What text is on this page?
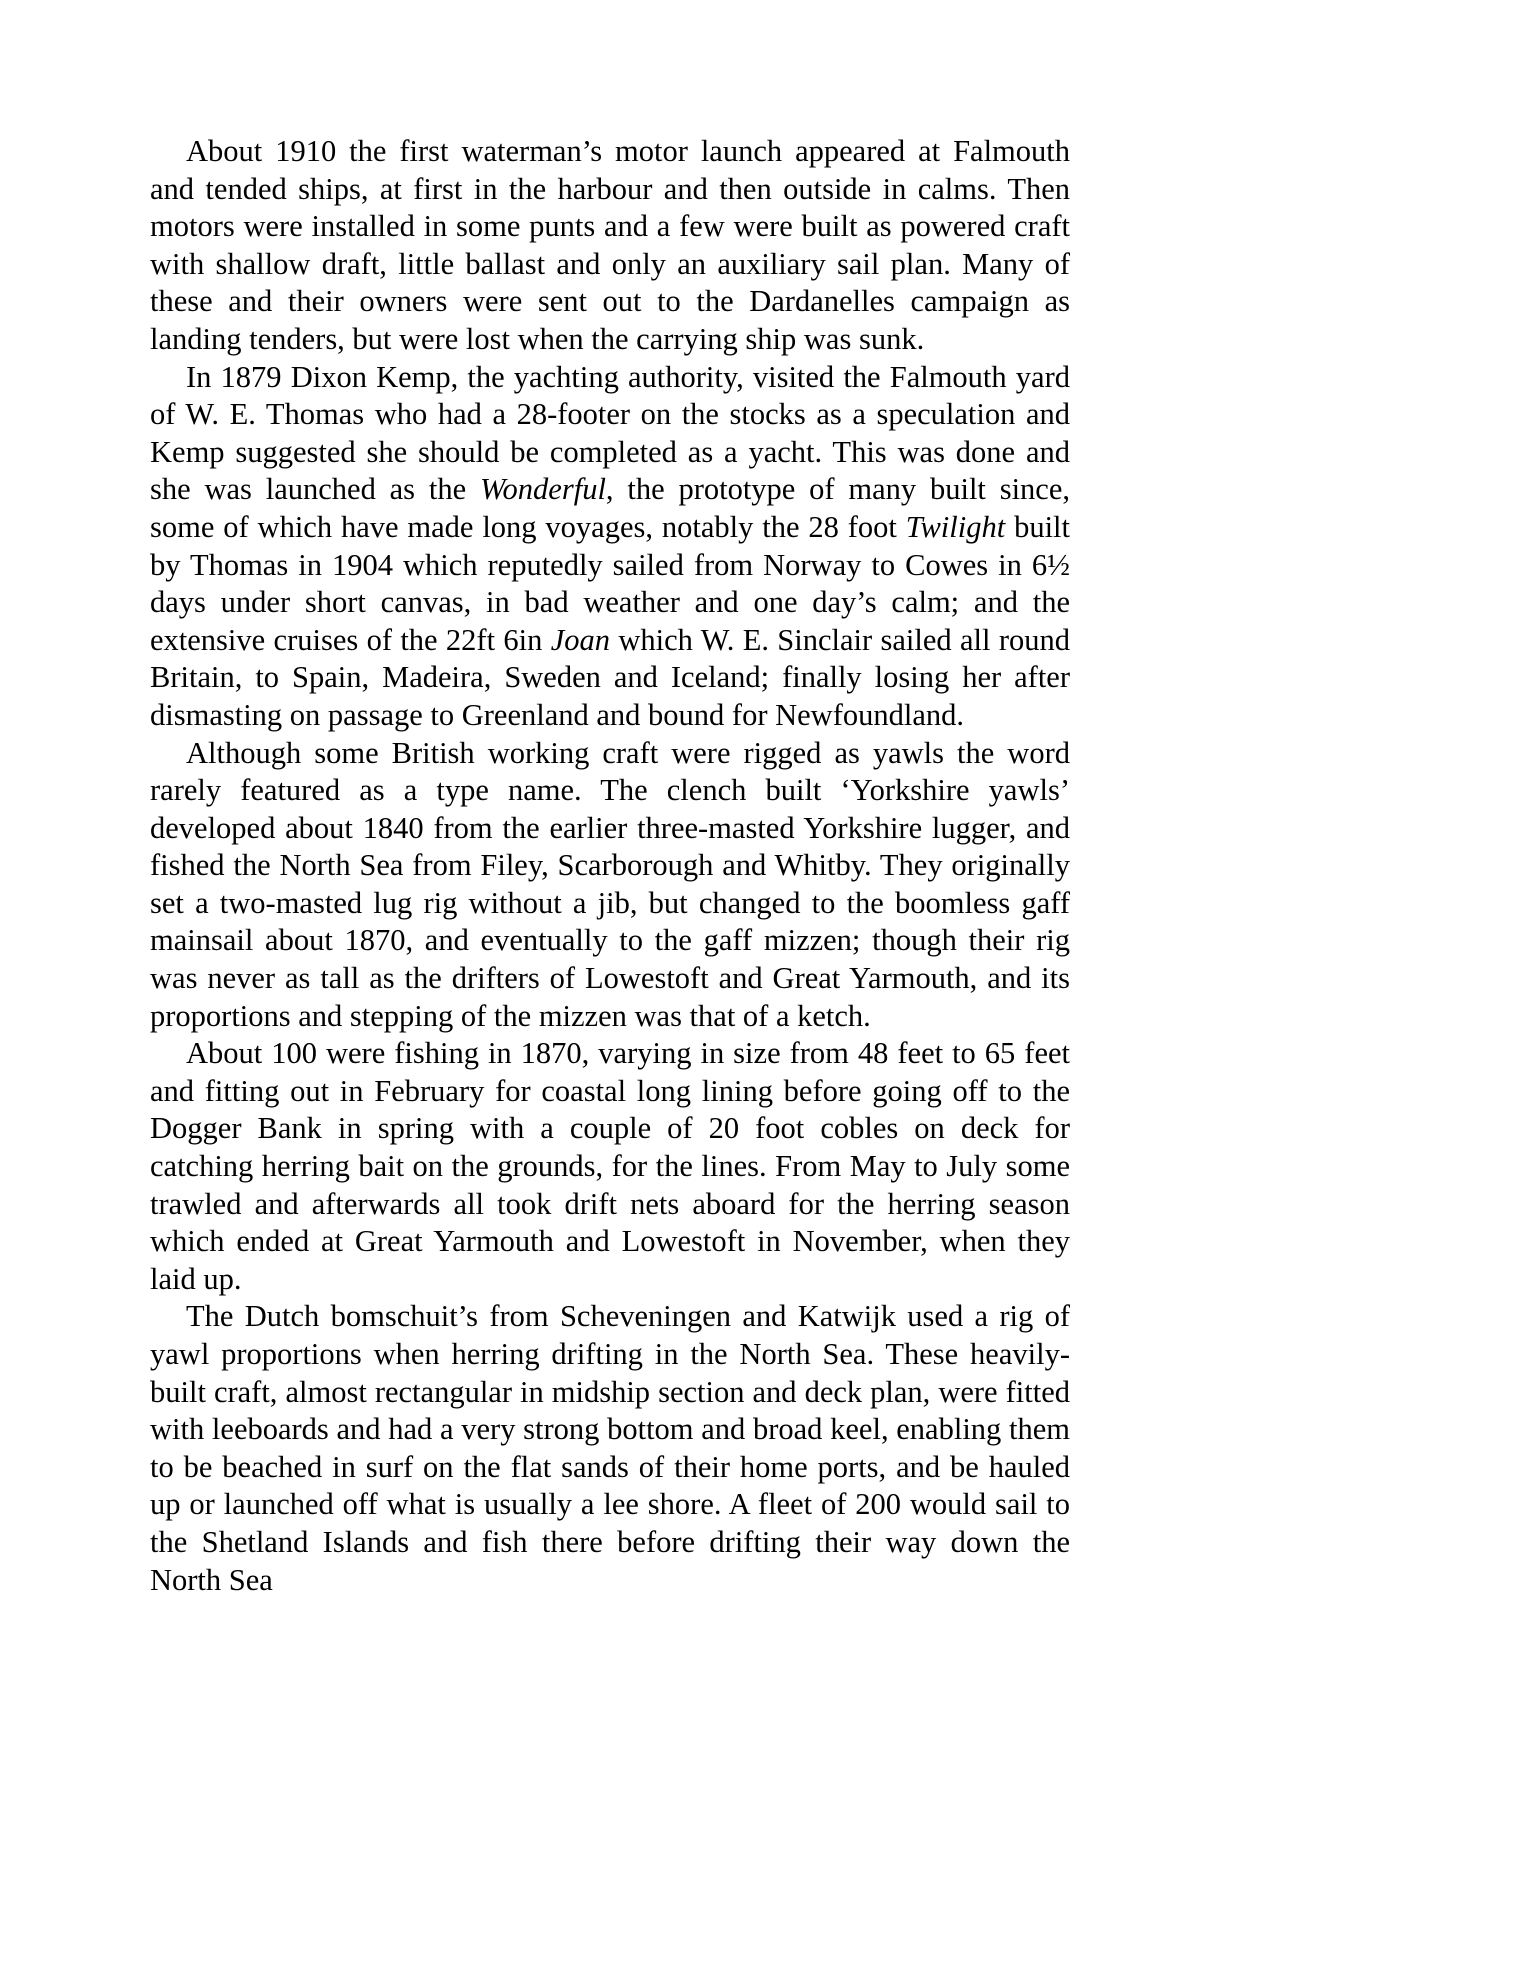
About 1910 the first waterman’s motor launch appeared at Falmouth and tended ships, at first in the harbour and then outside in calms. Then motors were installed in some punts and a few were built as powered craft with shallow draft, little ballast and only an auxiliary sail plan. Many of these and their owners were sent out to the Dardanelles campaign as landing tenders, but were lost when the carrying ship was sunk.

In 1879 Dixon Kemp, the yachting authority, visited the Falmouth yard of W. E. Thomas who had a 28-footer on the stocks as a speculation and Kemp suggested she should be completed as a yacht. This was done and she was launched as the Wonderful, the prototype of many built since, some of which have made long voyages, notably the 28 foot Twilight built by Thomas in 1904 which reputedly sailed from Norway to Cowes in 6½ days under short canvas, in bad weather and one day’s calm; and the extensive cruises of the 22ft 6in Joan which W. E. Sinclair sailed all round Britain, to Spain, Madeira, Sweden and Iceland; finally losing her after dismasting on passage to Greenland and bound for Newfoundland.

Although some British working craft were rigged as yawls the word rarely featured as a type name. The clench built ‘Yorkshire yawls’ developed about 1840 from the earlier three-masted Yorkshire lugger, and fished the North Sea from Filey, Scarborough and Whitby. They originally set a two-masted lug rig without a jib, but changed to the boomless gaff mainsail about 1870, and eventually to the gaff mizzen; though their rig was never as tall as the drifters of Lowestoft and Great Yarmouth, and its proportions and stepping of the mizzen was that of a ketch.

About 100 were fishing in 1870, varying in size from 48 feet to 65 feet and fitting out in February for coastal long lining before going off to the Dogger Bank in spring with a couple of 20 foot cobles on deck for catching herring bait on the grounds, for the lines. From May to July some trawled and afterwards all took drift nets aboard for the herring season which ended at Great Yarmouth and Lowestoft in November, when they laid up.

The Dutch bomschuit’s from Scheveningen and Katwijk used a rig of yawl proportions when herring drifting in the North Sea. These heavily-built craft, almost rectangular in midship section and deck plan, were fitted with leeboards and had a very strong bottom and broad keel, enabling them to be beached in surf on the flat sands of their home ports, and be hauled up or launched off what is usually a lee shore. A fleet of 200 would sail to the Shetland Islands and fish there before drifting their way down the North Sea
